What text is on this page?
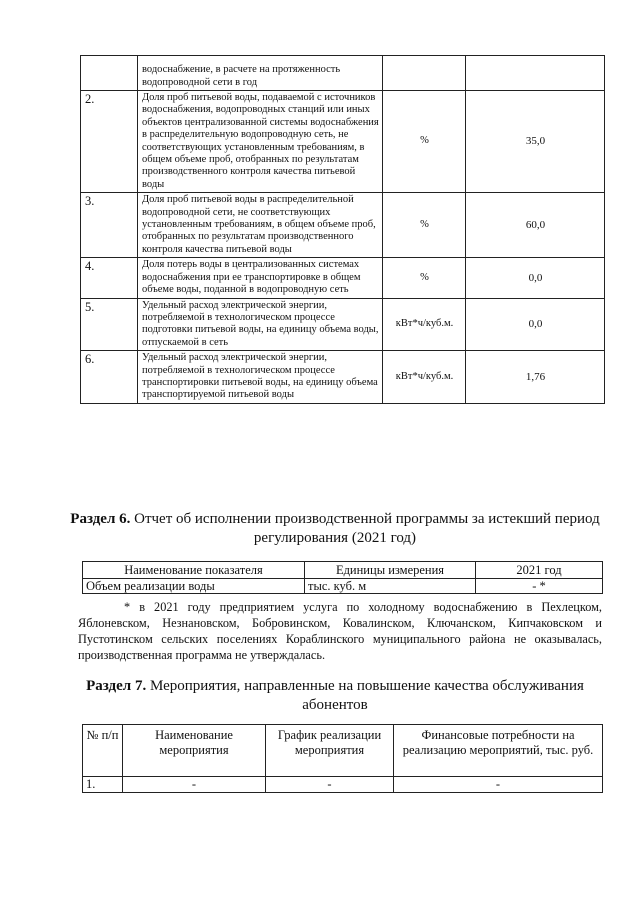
	водоснабжение, в расчете на протяженность водопроводной сети в год		
2.	Доля проб питьевой воды, подаваемой с источников водоснабжения, водопроводных станций или иных объектов централизованной системы водоснабжения в распределительную водопроводную сеть, не соответствующих установленным требованиям, в общем объеме проб, отобранных по результатам производственного контроля качества питьевой воды	%	35,0
3.	Доля проб питьевой воды в распределительной водопроводной сети, не соответствующих установленным требованиям, в общем объеме проб, отобранных по результатам производственного контроля качества питьевой воды	%	60,0
4.	Доля потерь воды в централизованных системах водоснабжения при ее транспортировке в общем объеме воды, поданной в водопроводную сеть	%	0,0
5.	Удельный расход электрической энергии, потребляемой в технологическом процессе подготовки питьевой воды, на единицу объема воды, отпускаемой в сеть	кВт*ч/куб.м.	0,0
6.	Удельный расход электрической энергии, потребляемой в технологическом процессе транспортировки питьевой воды, на единицу объема транспортируемой питьевой воды	кВт*ч/куб.м.	1,76
Раздел 6. Отчет об исполнении производственной программы за истекший период регулирования (2021 год)
Наименование показателя	Единицы измерения	2021 год
Объем реализации воды	тыс. куб. м	- *
* в 2021 году предприятием услуга по холодному водоснабжению в Пехлецком, Яблоневском, Незнановском, Бобровинском, Ковалинском, Ключанском, Кипчаковском и Пустотинском сельских поселениях Кораблинского муниципального района не оказывалась, производственная программа не утверждалась.
Раздел 7. Мероприятия, направленные на повышение качества обслуживания абонентов
№ п/п	Наименование мероприятия	График реализации мероприятия	Финансовые потребности на реализацию мероприятий, тыс. руб.
1.	-	-	-
